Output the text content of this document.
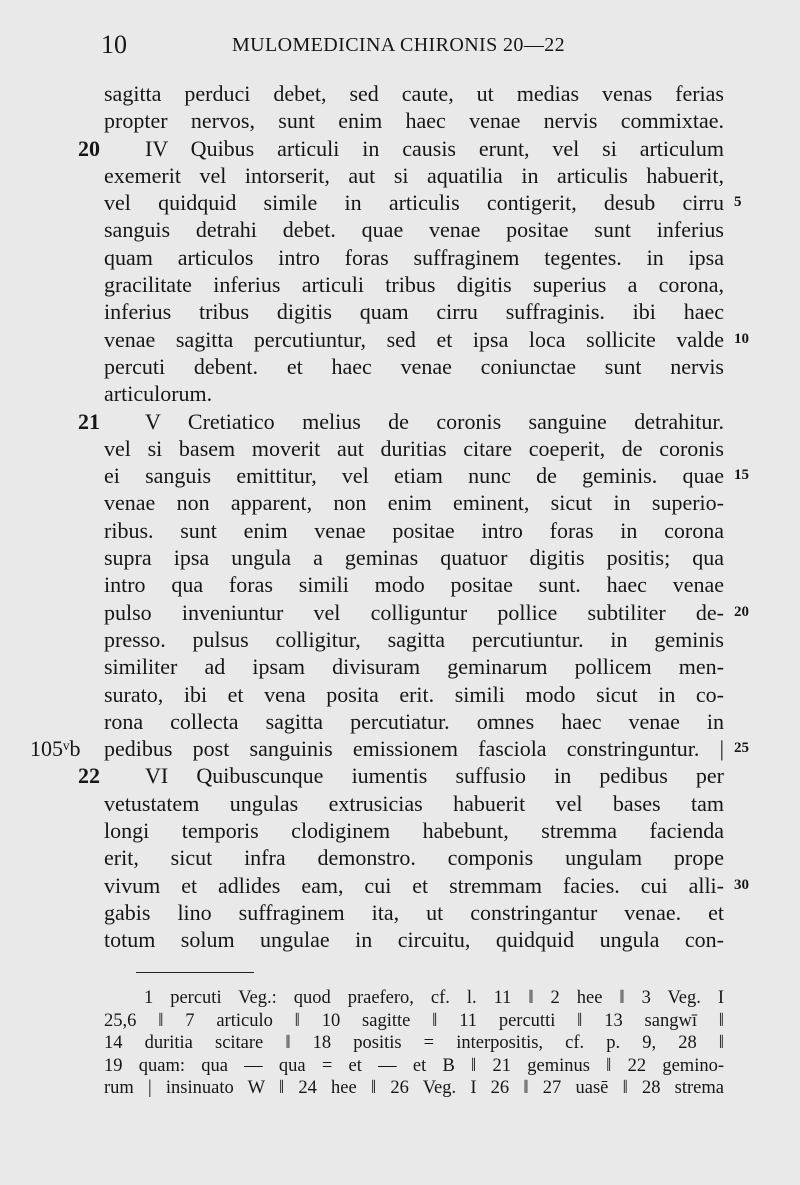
10	MULOMEDICINA CHIRONIS 20—22
sagitta perduci debet, sed caute, ut medias venas ferias
propter nervos, sunt enim haec venae nervis commixtae.
20 IV Quibus articuli in causis erunt, vel si articulum
exemerit vel intorserit, aut si aquatilia in articulis habuerit,
vel quidquid simile in articulis contigerit, desub cirru 5
sanguis detrahi debet. quae venae positae sunt inferius
quam articulos intro foras suffraginem tegentes. in ipsa
gracilitate inferius articuli tribus digitis superius a corona,
inferius tribus digitis quam cirru suffraginis. ibi haec
venae sagitta percutiuntur, sed et ipsa loca sollicite valde 10
percuti debent. et haec venae coniunctae sunt nervis
articulorum.
21 V Cretiatico melius de coronis sanguine detrahitur.
vel si basem moverit aut duritias citare coeperit, de coronis
ei sanguis emittitur, vel etiam nunc de geminis. quae 15
venae non apparent, non enim eminent, sicut in superio-
ribus. sunt enim venae positae intro foras in corona
supra ipsa ungula a geminas quatuor digitis positis; qua
intro qua foras simili modo positae sunt. haec venae
pulso inveniuntur vel colliguntur pollice subtiliter de- 20
presso. pulsus colligitur, sagitta percutiuntur. in geminis
similiter ad ipsam divisuram geminarum pollicem men-
surato, ibi et vena posita erit. simili modo sicut in co-
rona collecta sagitta percutiatur. omnes haec venae in
105ᵛb pedibus post sanguinis emissionem fasciola constringuntur. | 25
22 VI Quibuscunque iumentis suffusio in pedibus per
vetustatem ungulas extrusicias habuerit vel bases tam
longi temporis clodiginem habebunt, stremma facienda
erit, sicut infra demonstro. componis ungulam prope
vivum et adlides eam, cui et stremmam facies. cui alli- 30
gabis lino suffraginem ita, ut constringantur venae. et
totum solum ungulae in circuitu, quidquid ungula con-
1 percuti Veg.: quod praefero, cf. l. 11 ‖ 2 hee ‖ 3 Veg. I
25,6 ‖ 7 articulo ‖ 10 sagitte ‖ 11 percutti ‖ 13 sangwī ‖
14 duritia scitare ‖ 18 positis = interpositis, cf. p. 9, 28 ‖
19 quam: qua — qua = et — et B ‖ 21 geminus ‖ 22 gemino-
rum | insinuato W ‖ 24 hee ‖ 26 Veg. I 26 ‖ 27 uasē ‖ 28 strema
